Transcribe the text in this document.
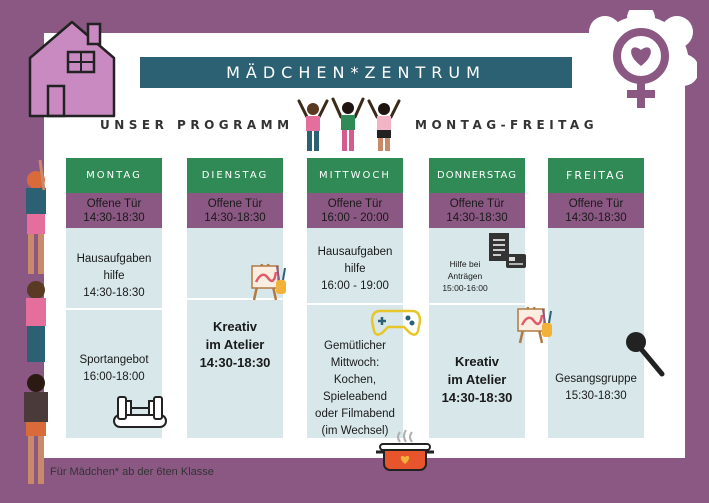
MÄDCHEN*ZENTRUM
UNSER PROGRAMM	MONTAG-FREITAG
MONTAG
Offene Tür
14:30-18:30
Hausaufgaben
hilfe
14:30-18:30
Sportangebot
16:00-18:00
DIENSTAG
Offene Tür
14:30-18:30
Kreativ
im Atelier
14:30-18:30
MITTWOCH
Offene Tür
16:00 - 20:00
Hausaufgaben
hilfe
16:00 - 19:00
Gemütlicher
Mittwoch:
Kochen,
Spieleabend
oder Filmabend
(im Wechsel)
DONNERSTAG
Offene Tür
14:30-18:30
Hilfe bei
Anträgen
15:00-16:00
Kreativ
im Atelier
14:30-18:30
FREITAG
Offene Tür
14:30-18:30
Gesangsgruppe
15:30-18:30
Für Mädchen* ab der 6ten Klasse
